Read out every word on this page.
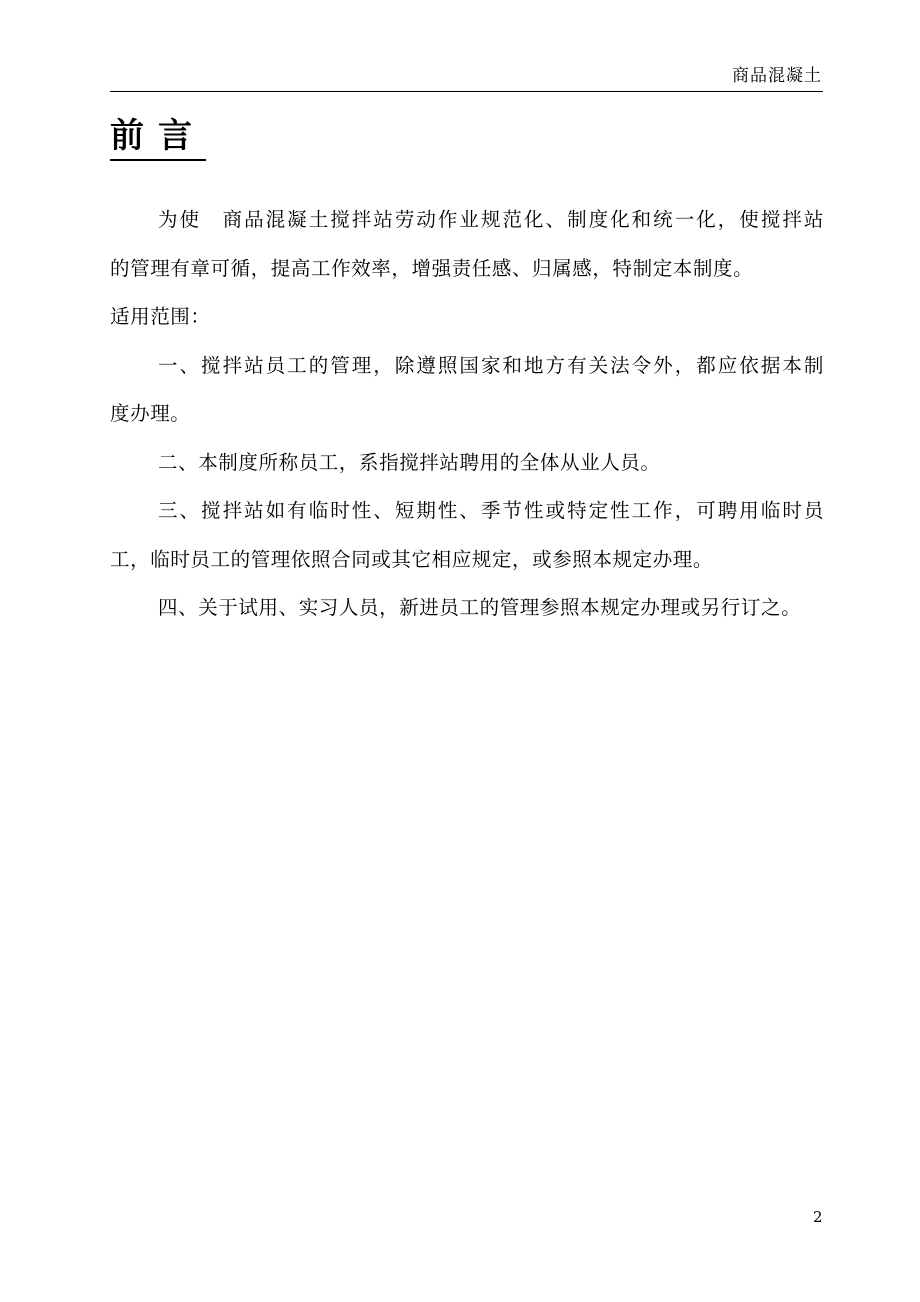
商品混凝土
前言
为使　商品混凝土搅拌站劳动作业规范化、制度化和统一化，使搅拌站
的管理有章可循，提高工作效率，增强责任感、归属感，特制定本制度。
适用范围：
一、搅拌站员工的管理，除遵照国家和地方有关法令外，都应依据本制
度办理。
二、本制度所称员工，系指搅拌站聘用的全体从业人员。
三、搅拌站如有临时性、短期性、季节性或特定性工作，可聘用临时员
工，临时员工的管理依照合同或其它相应规定，或参照本规定办理。
四、关于试用、实习人员，新进员工的管理参照本规定办理或另行订之。
2
